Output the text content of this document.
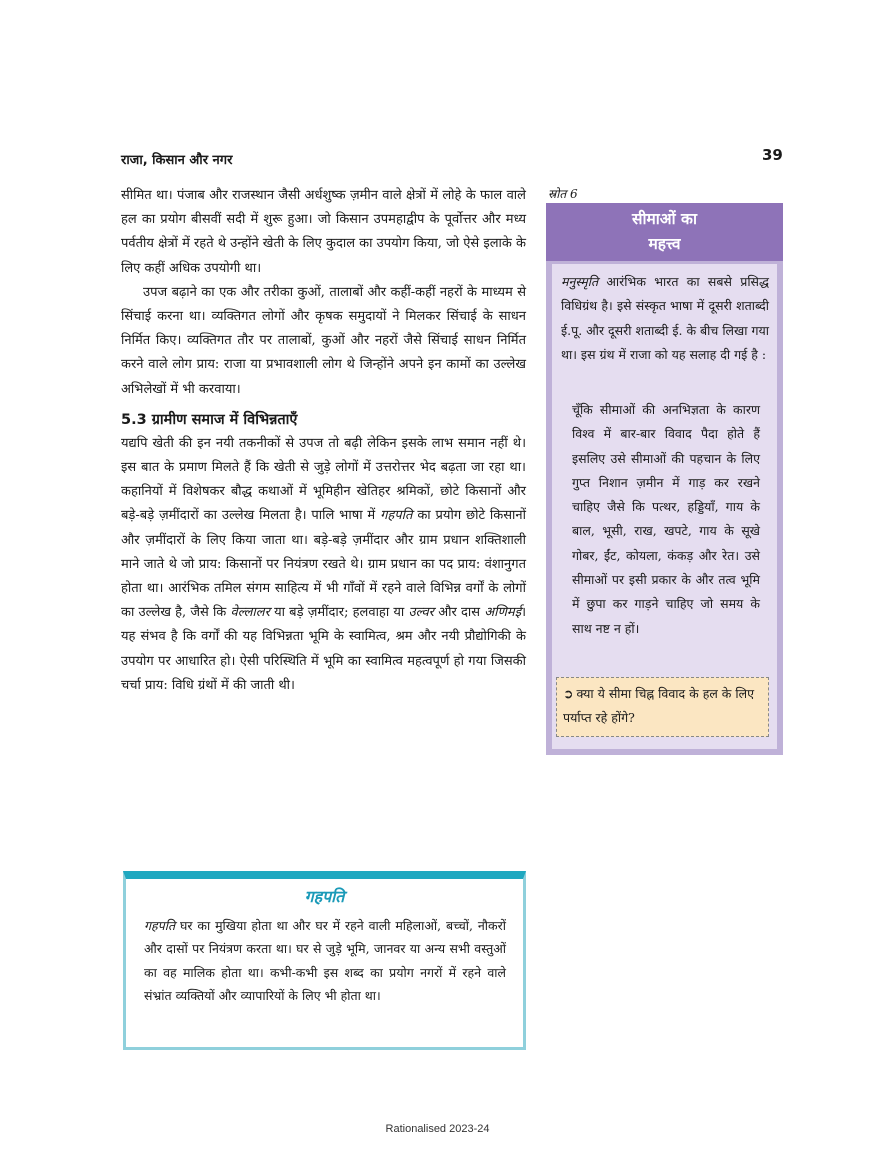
राजा, किसान और नगर	39

सीमित था। पंजाब और राजस्थान जैसी अर्धशुष्क ज़मीन वाले क्षेत्रों में लोहे के फाल वाले हल का प्रयोग बीसवीं सदी में शुरू हुआ। जो किसान उपमहाद्वीप के पूर्वोत्तर और मध्य पर्वतीय क्षेत्रों में रहते थे उन्होंने खेती के लिए कुदाल का उपयोग किया, जो ऐसे इलाके के लिए कहीं अधिक उपयोगी था।

उपज बढ़ाने का एक और तरीका कुओं, तालाबों और कहीं-कहीं नहरों के माध्यम से सिंचाई करना था। व्यक्तिगत लोगों और कृषक समुदायों ने मिलकर सिंचाई के साधन निर्मित किए। व्यक्तिगत तौर पर तालाबों, कुओं और नहरों जैसे सिंचाई साधन निर्मित करने वाले लोग प्राय: राजा या प्रभावशाली लोग थे जिन्होंने अपने इन कामों का उल्लेख अभिलेखों में भी करवाया।

5.3 ग्रामीण समाज में विभिन्नताएँ

यद्यपि खेती की इन नयी तकनीकों से उपज तो बढ़ी लेकिन इसके लाभ समान नहीं थे। इस बात के प्रमाण मिलते हैं कि खेती से जुड़े लोगों में उत्तरोत्तर भेद बढ़ता जा रहा था। कहानियों में विशेषकर बौद्ध कथाओं में भूमिहीन खेतिहर श्रमिकों, छोटे किसानों और बड़े-बड़े ज़मींदारों का उल्लेख मिलता है। पालि भाषा में गहपति का प्रयोग छोटे किसानों और ज़मींदारों के लिए किया जाता था। बड़े-बड़े ज़मींदार और ग्राम प्रधान शक्तिशाली माने जाते थे जो प्राय: किसानों पर नियंत्रण रखते थे। ग्राम प्रधान का पद प्राय: वंशानुगत होता था। आरंभिक तमिल संगम साहित्य में भी गाँवों में रहने वाले विभिन्न वर्गों के लोगों का उल्लेख है, जैसे कि वेल्लालर या बड़े ज़मींदार; हलवाहा या उल्वर और दास अणिमई। यह संभव है कि वर्गों की यह विभिन्नता भूमि के स्वामित्व, श्रम और नयी प्रौद्योगिकी के उपयोग पर आधारित हो। ऐसी परिस्थिति में भूमि का स्वामित्व महत्वपूर्ण हो गया जिसकी चर्चा प्राय: विधि ग्रंथों में की जाती थी।

स्रोत 6
सीमाओं का
महत्त्व
मनुस्मृति आरंभिक भारत का सबसे प्रसिद्ध विधिग्रंथ है। इसे संस्कृत भाषा में दूसरी शताब्दी ई.पू. और दूसरी शताब्दी ई. के बीच लिखा गया था। इस ग्रंथ में राजा को यह सलाह दी गई है :
चूँकि सीमाओं की अनभिज्ञता के कारण विश्व में बार-बार विवाद पैदा होते हैं इसलिए उसे सीमाओं की पहचान के लिए गुप्त निशान ज़मीन में गाड़ कर रखने चाहिए जैसे कि पत्थर, हड्डियाँ, गाय के बाल, भूसी, राख, खपटे, गाय के सूखे गोबर, ईंट, कोयला, कंकड़ और रेत। उसे सीमाओं पर इसी प्रकार के और तत्व भूमि में छुपा कर गाड़ने चाहिए जो समय के साथ नष्ट न हों।
➲ क्या ये सीमा चिह्न विवाद के हल के लिए पर्याप्त रहे होंगे?
गहपति
गहपति घर का मुखिया होता था और घर में रहने वाली महिलाओं, बच्चों, नौकरों और दासों पर नियंत्रण करता था। घर से जुड़े भूमि, जानवर या अन्य सभी वस्तुओं का वह मालिक होता था। कभी-कभी इस शब्द का प्रयोग नगरों में रहने वाले संभ्रांत व्यक्तियों और व्यापारियों के लिए भी होता था।
Rationalised 2023-24
